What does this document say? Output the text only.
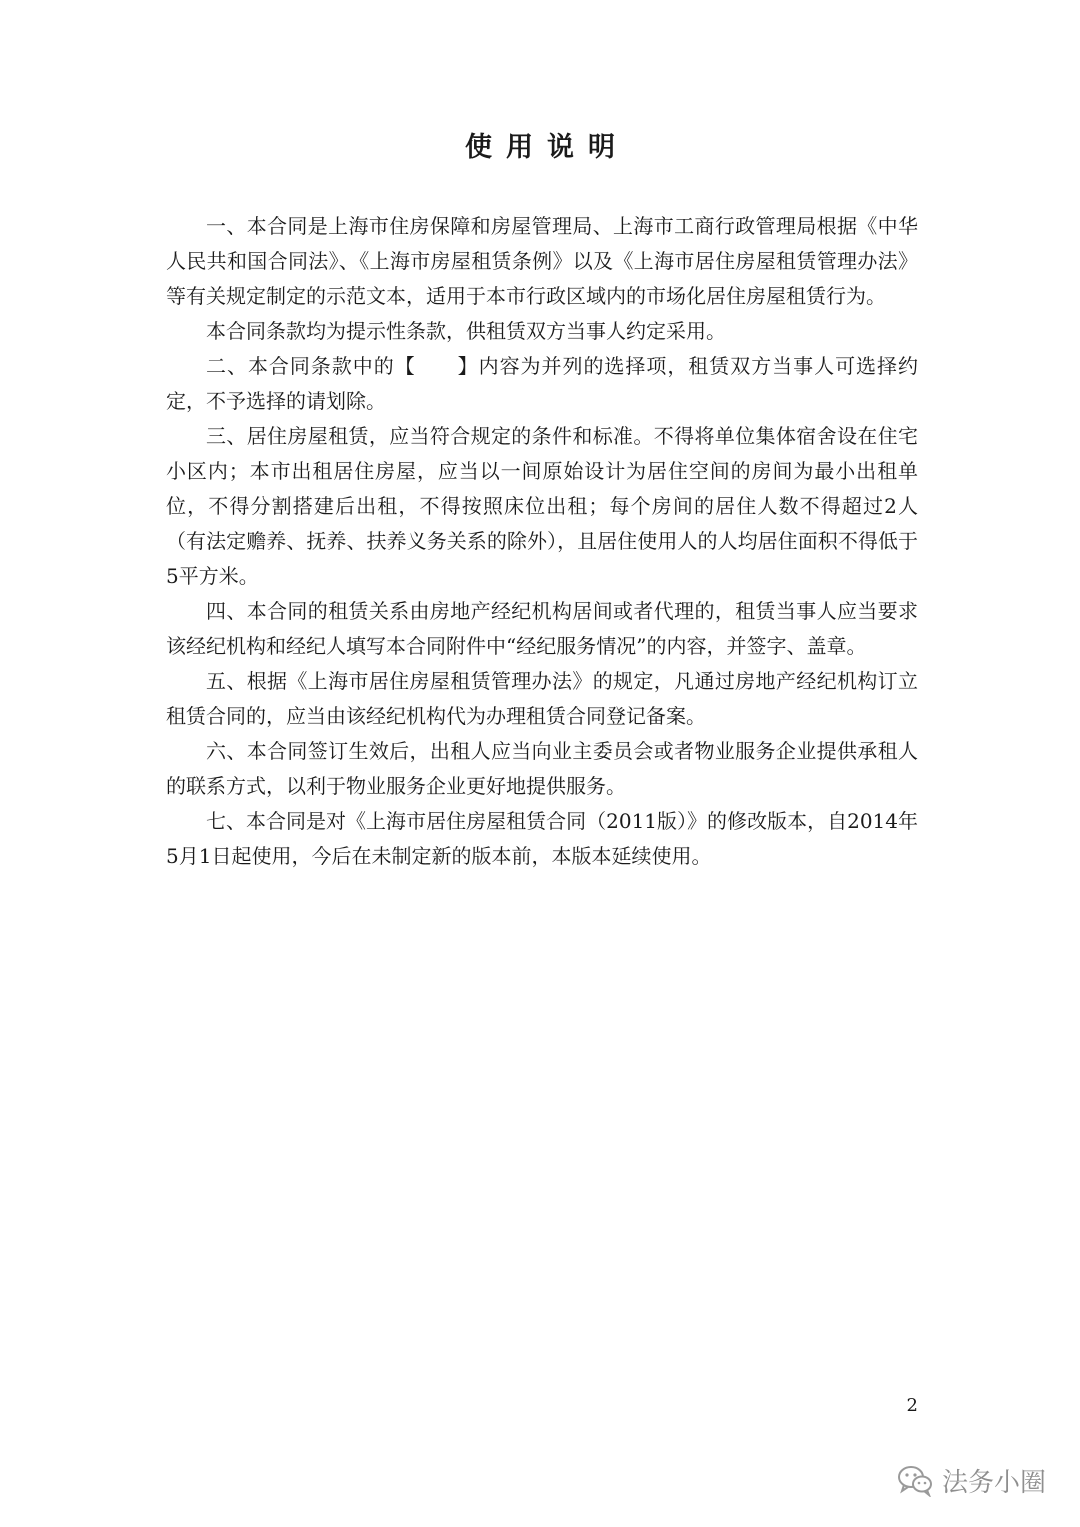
使用说明

一、本合同是上海市住房保障和房屋管理局、上海市工商行政管理局根据《中华人民共和国合同法》、《上海市房屋租赁条例》以及《上海市居住房屋租赁管理办法》等有关规定制定的示范文本，适用于本市行政区域内的市场化居住房屋租赁行为。

本合同条款均为提示性条款，供租赁双方当事人约定采用。

二、本合同条款中的【　　】内容为并列的选择项，租赁双方当事人可选择约定，不予选择的请划除。

三、居住房屋租赁，应当符合规定的条件和标准。不得将单位集体宿舍设在住宅小区内；本市出租居住房屋，应当以一间原始设计为居住空间的房间为最小出租单位，不得分割搭建后出租，不得按照床位出租；每个房间的居住人数不得超过2人（有法定赡养、抚养、扶养义务关系的除外），且居住使用人的人均居住面积不得低于5平方米。

四、本合同的租赁关系由房地产经纪机构居间或者代理的，租赁当事人应当要求该经纪机构和经纪人填写本合同附件中“经纪服务情况”的内容，并签字、盖章。

五、根据《上海市居住房屋租赁管理办法》的规定，凡通过房地产经纪机构订立租赁合同的，应当由该经纪机构代为办理租赁合同登记备案。

六、本合同签订生效后，出租人应当向业主委员会或者物业服务企业提供承租人的联系方式，以利于物业服务企业更好地提供服务。

七、本合同是对《上海市居住房屋租赁合同（2011版）》的修改版本，自2014年5月1日起使用，今后在未制定新的版本前，本版本延续使用。

2
法务小圈
